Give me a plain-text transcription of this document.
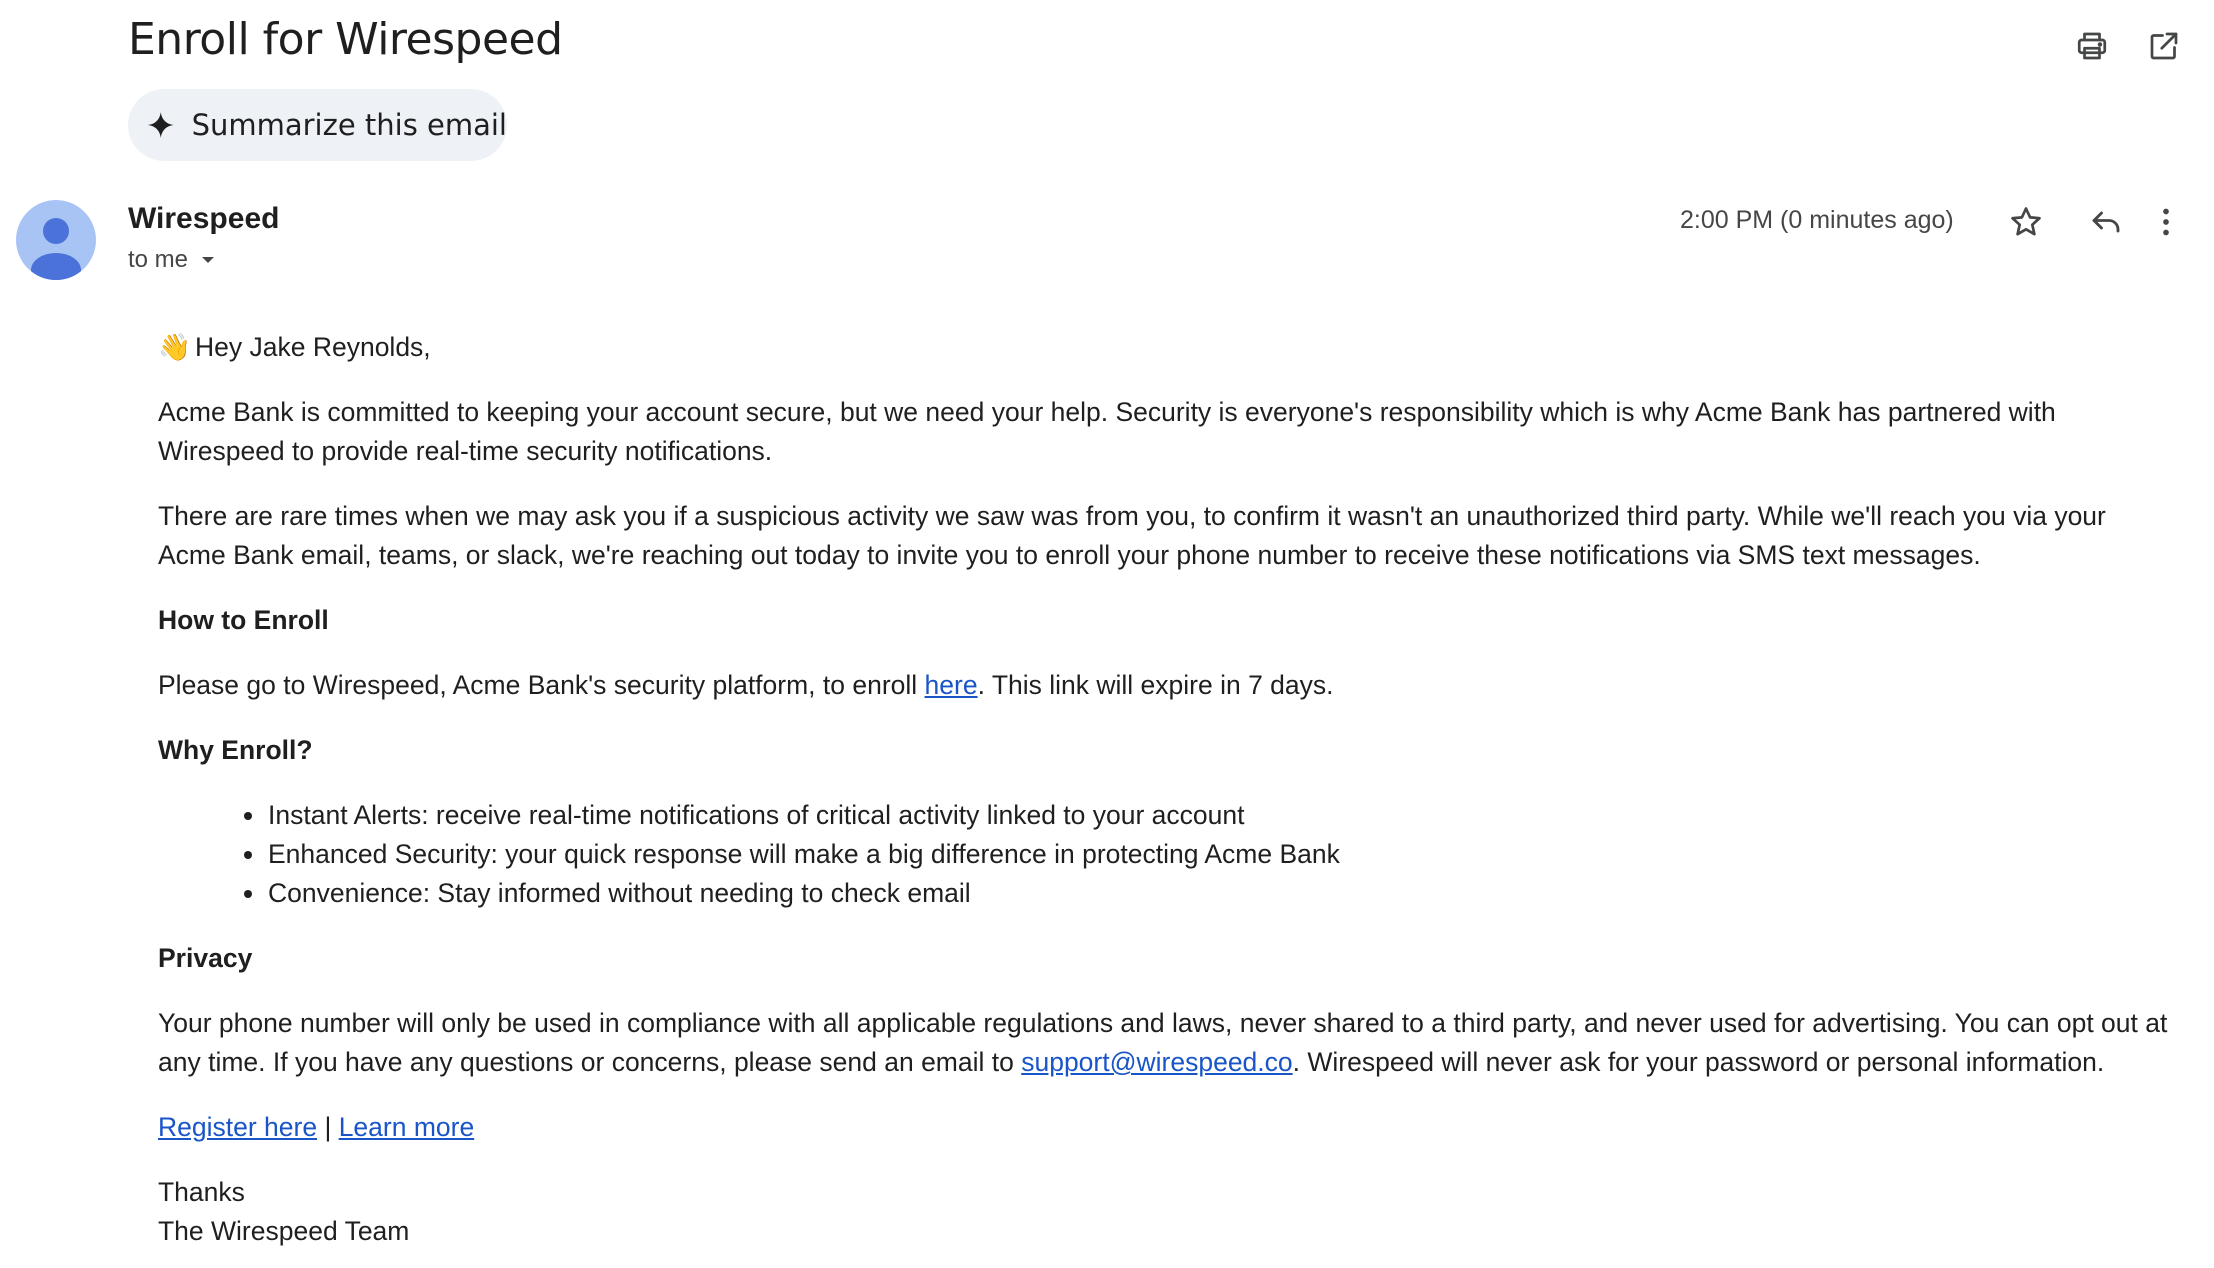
Enroll for Wirespeed
Summarize this email
Wirespeed
to me
2:00 PM (0 minutes ago)

👋 Hey Jake Reynolds,

Acme Bank is committed to keeping your account secure, but we need your help. Security is everyone's responsibility which is why Acme Bank has partnered with Wirespeed to provide real-time security notifications.

There are rare times when we may ask you if a suspicious activity we saw was from you, to confirm it wasn't an unauthorized third party. While we'll reach you via your Acme Bank email, teams, or slack, we're reaching out today to invite you to enroll your phone number to receive these notifications via SMS text messages.

How to Enroll

Please go to Wirespeed, Acme Bank's security platform, to enroll here. This link will expire in 7 days.

Why Enroll?

Instant Alerts: receive real-time notifications of critical activity linked to your account
Enhanced Security: your quick response will make a big difference in protecting Acme Bank
Convenience: Stay informed without needing to check email

Privacy

Your phone number will only be used in compliance with all applicable regulations and laws, never shared to a third party, and never used for advertising. You can opt out at any time. If you have any questions or concerns, please send an email to support@wirespeed.co. Wirespeed will never ask for your password or personal information.

Register here | Learn more

Thanks

The Wirespeed Team
